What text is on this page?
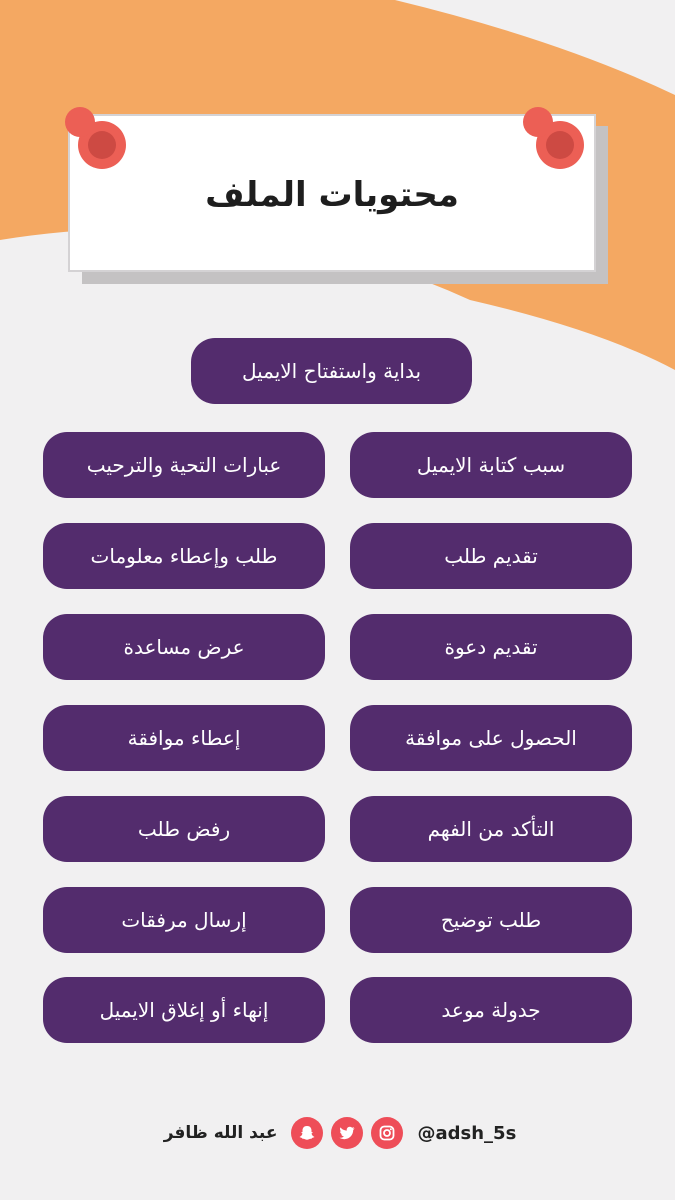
محتويات الملف
بداية واستفتاح الايميل
سبب كتابة الايميل
عبارات التحية والترحيب
تقديم طلب
طلب وإعطاء معلومات
تقديم دعوة
عرض مساعدة
الحصول على موافقة
إعطاء موافقة
التأكد من الفهم
رفض طلب
طلب توضيح
إرسال مرفقات
جدولة موعد
إنهاء أو إغلاق الايميل
عبد الله ظافر	@adsh_5s
